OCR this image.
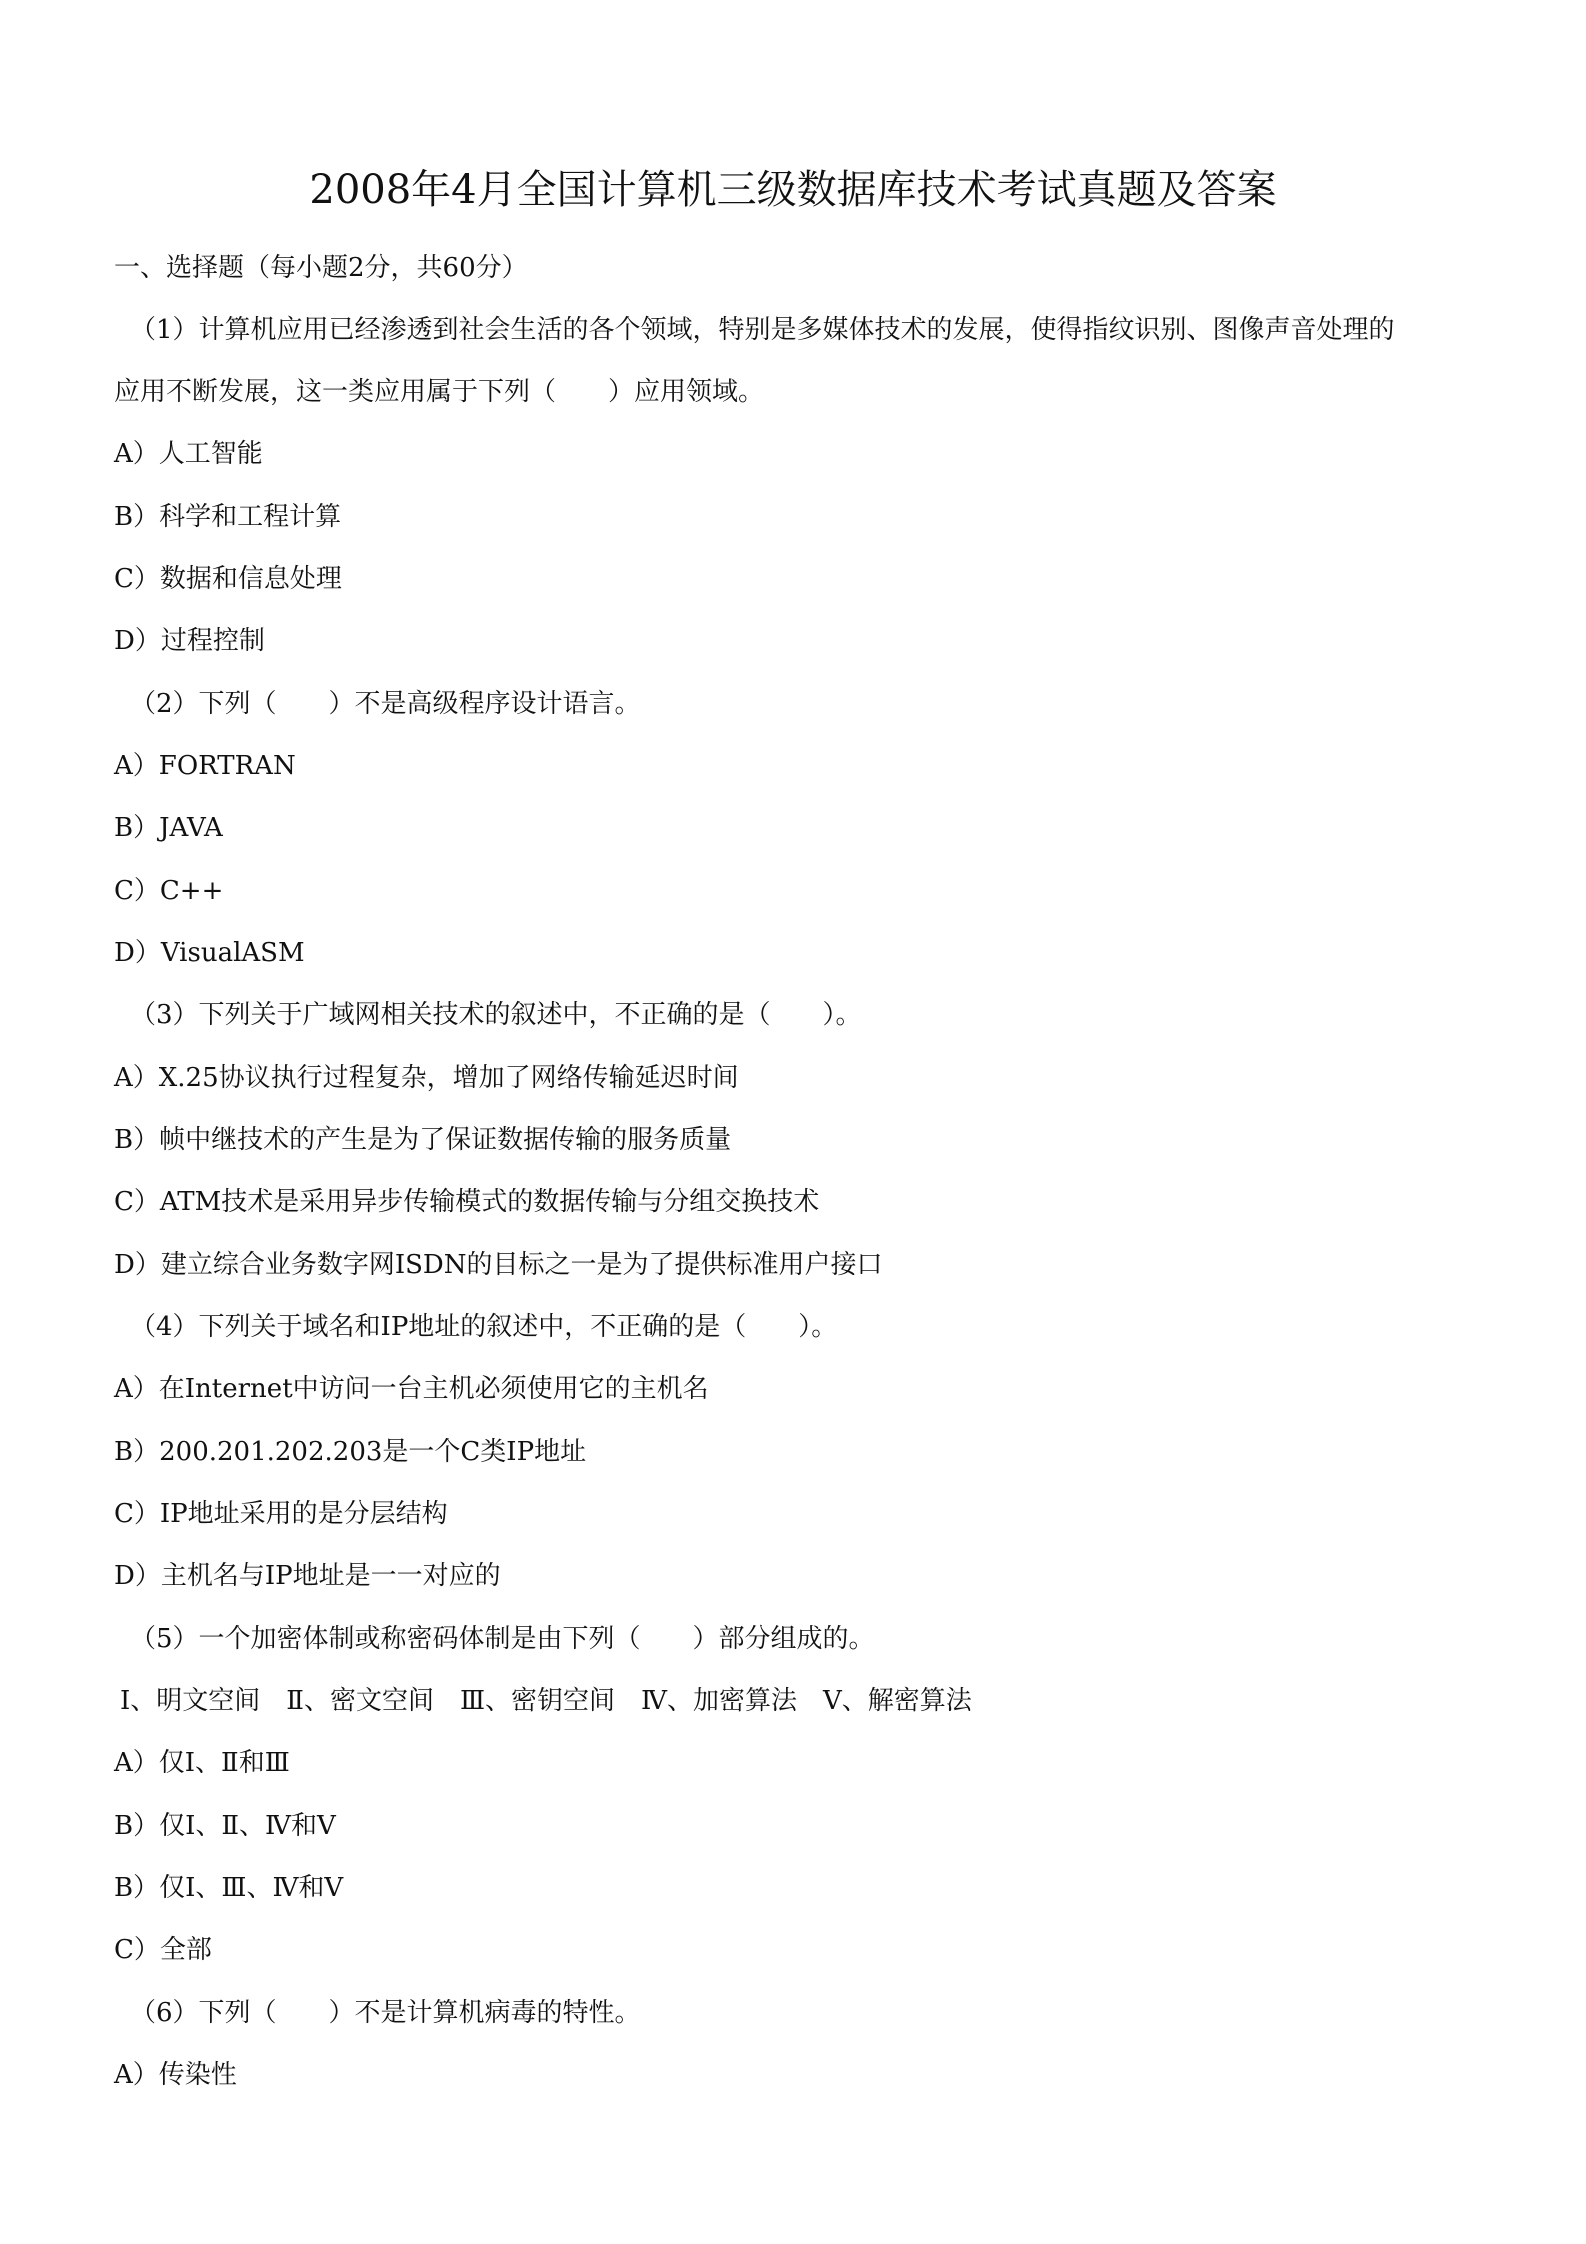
2008年4月全国计算机三级数据库技术考试真题及答案
一、选择题（每小题2分，共60分）
（1）计算机应用已经渗透到社会生活的各个领域，特别是多媒体技术的发展，使得指纹识别、图像声音处理的
应用不断发展，这一类应用属于下列（　　）应用领域。
A）人工智能
B）科学和工程计算
C）数据和信息处理
D）过程控制
（2）下列（　　）不是高级程序设计语言。
A）FORTRAN
B）JAVA
C）C++
D）VisualASM
（3）下列关于广域网相关技术的叙述中，不正确的是（　　）。
A）X.25协议执行过程复杂，增加了网络传输延迟时间
B）帧中继技术的产生是为了保证数据传输的服务质量
C）ATM技术是采用异步传输模式的数据传输与分组交换技术
D）建立综合业务数字网ISDN的目标之一是为了提供标准用户接口
（4）下列关于域名和IP地址的叙述中，不正确的是（　　）。
A）在Internet中访问一台主机必须使用它的主机名
B）200.201.202.203是一个C类IP地址
C）IP地址采用的是分层结构
D）主机名与IP地址是一一对应的
（5）一个加密体制或称密码体制是由下列（　　）部分组成的。
Ⅰ、明文空间　Ⅱ、密文空间　Ⅲ、密钥空间　Ⅳ、加密算法　Ⅴ、解密算法
A）仅Ⅰ、Ⅱ和Ⅲ
B）仅Ⅰ、Ⅱ、Ⅳ和Ⅴ
B）仅Ⅰ、Ⅲ、Ⅳ和Ⅴ
C）全部
（6）下列（　　）不是计算机病毒的特性。
A）传染性
